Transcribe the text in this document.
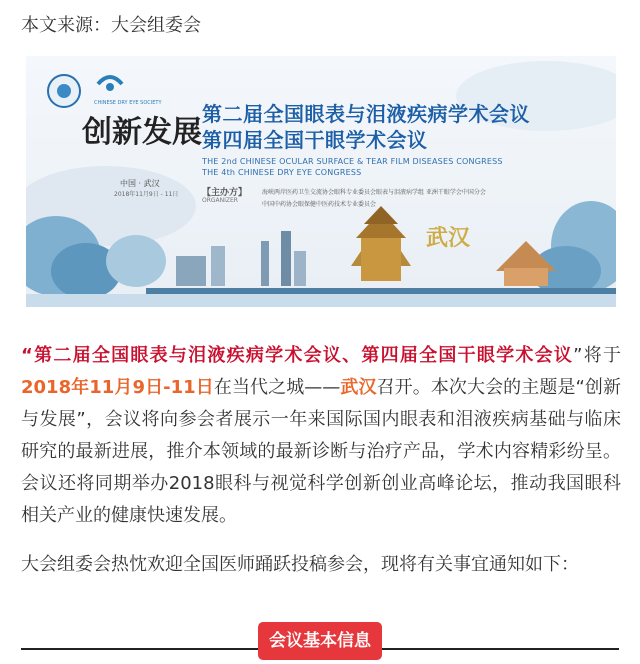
本文来源：大会组委会
第二届全国眼表与泪液疾病学术会议
第四届全国干眼学术会议
THE 2nd CHINESE OCULAR SURFACE & TEAR FILM DISEASES CONGRESS
THE 4th CHINESE DRY EYE CONGRESS
【主办方】
ORGANIZER
海峡两岸医药卫生交流协会眼科专业委员会眼表与泪液病学组 亚洲干眼学会中国分会
中国中药协会眼保健中医药技术专业委员会
创新发展
中国 · 武汉
2018年11月9日 - 11日
CHINESE DRY EYE SOCIETY
武汉
“第二届全国眼表与泪液疾病学术会议、第四届全国干眼学术会议”将于2018年11月9日-11日在当代之城——武汉召开。本次大会的主题是“创新与发展”，会议将向参会者展示一年来国际国内眼表和泪液疾病基础与临床研究的最新进展，推介本领域的最新诊断与治疗产品，学术内容精彩纷呈。会议还将同期举办2018眼科与视觉科学创新创业高峰论坛，推动我国眼科相关产业的健康快速发展。
大会组委会热忱欢迎全国医师踊跃投稿参会，现将有关事宜通知如下：
会议基本信息
